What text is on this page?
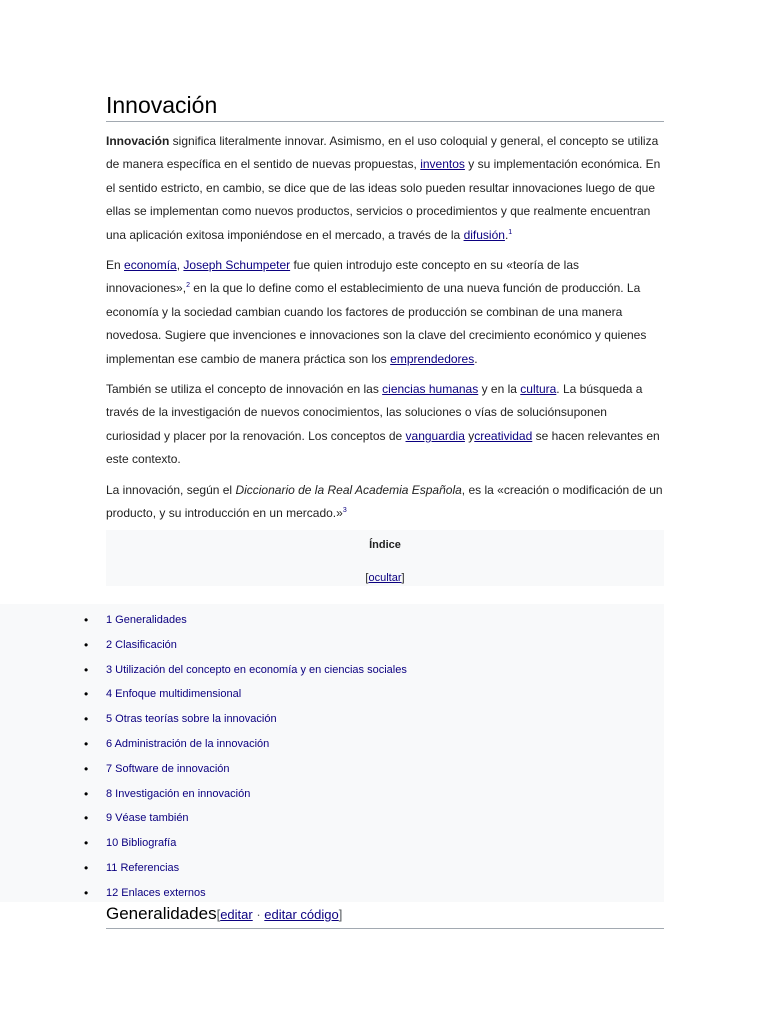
Innovación

Innovación significa literalmente innovar. Asimismo, en el uso coloquial y general, el concepto se utiliza de manera específica en el sentido de nuevas propuestas, inventos y su implementación económica. En el sentido estricto, en cambio, se dice que de las ideas solo pueden resultar innovaciones luego de que ellas se implementan como nuevos productos, servicios o procedimientos y que realmente encuentran una aplicación exitosa imponiéndose en el mercado, a través de la difusión.$^1$

En economía, Joseph Schumpeter fue quien introdujo este concepto en su «teoría de las innovaciones»,$^2$ en la que lo define como el establecimiento de una nueva función de producción. La economía y la sociedad cambian cuando los factores de producción se combinan de una manera novedosa. Sugiere que invenciones e innovaciones son la clave del crecimiento económico y quienes implementan ese cambio de manera práctica son los emprendedores.

También se utiliza el concepto de innovación en las ciencias humanas y en la cultura. La búsqueda a través de la investigación de nuevos conocimientos, las soluciones o vías de soluciónsuponen curiosidad y placer por la renovación. Los conceptos de vanguardia ycreatividad se hacen relevantes en este contexto.

La innovación, según el Diccionario de la Real Academia Española, es la «creación o modificación de un producto, y su introducción en un mercado.»$^3$

Índice
[ocultar]
• 1 Generalidades
• 2 Clasificación
• 3 Utilización del concepto en economía y en ciencias sociales
• 4 Enfoque multidimensional
• 5 Otras teorías sobre la innovación
• 6 Administración de la innovación
• 7 Software de innovación
• 8 Investigación en innovación
• 9 Véase también
• 10 Bibliografía
• 11 Referencias
• 12 Enlaces externos
Generalidades[editar · editar código]
